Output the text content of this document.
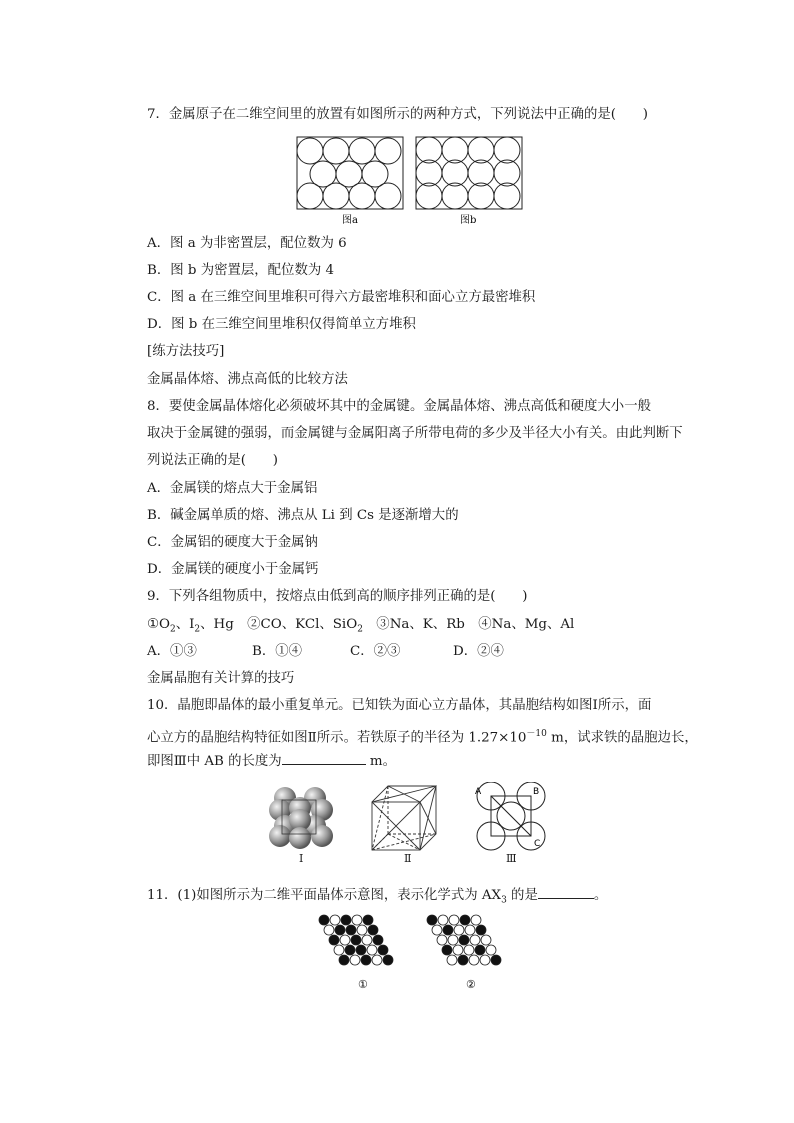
7．金属原子在二维空间里的放置有如图所示的两种方式，下列说法中正确的是(　　)
图a	图b
A．图 a 为非密置层，配位数为 6
B．图 b 为密置层，配位数为 4
C．图 a 在三维空间里堆积可得六方最密堆积和面心立方最密堆积
D．图 b 在三维空间里堆积仅得简单立方堆积
[练方法技巧]
金属晶体熔、沸点高低的比较方法
8．要使金属晶体熔化必须破坏其中的金属键。金属晶体熔、沸点高低和硬度大小一般
取决于金属键的强弱，而金属键与金属阳离子所带电荷的多少及半径大小有关。由此判断下
列说法正确的是(　　)
A．金属镁的熔点大于金属铝
B．碱金属单质的熔、沸点从 Li 到 Cs 是逐渐增大的
C．金属铝的硬度大于金属钠
D．金属镁的硬度小于金属钙
9．下列各组物质中，按熔点由低到高的顺序排列正确的是(　　)
$①O_2$、$I_2$、Hg　②CO、KCl、SiO$_2$　③Na、K、Rb　④Na、Mg、Al
A．①③	B．①④	C．②③	D．②④
金属晶胞有关计算的技巧
10．晶胞即晶体的最小重复单元。已知铁为面心立方晶体，其晶胞结构如图Ⅰ所示，面
心立方的晶胞结构特征如图Ⅱ所示。若铁原子的半径为 $1.27\times 10^{-10}$ m，试求铁的晶胞边长，
即图Ⅲ中 AB 的长度为	m。
A	B
C
Ⅰ	Ⅱ	Ⅲ
11．(1)如图所示为二维平面晶体示意图，表示化学式为 $AX_3$ 的是	。
①	②
